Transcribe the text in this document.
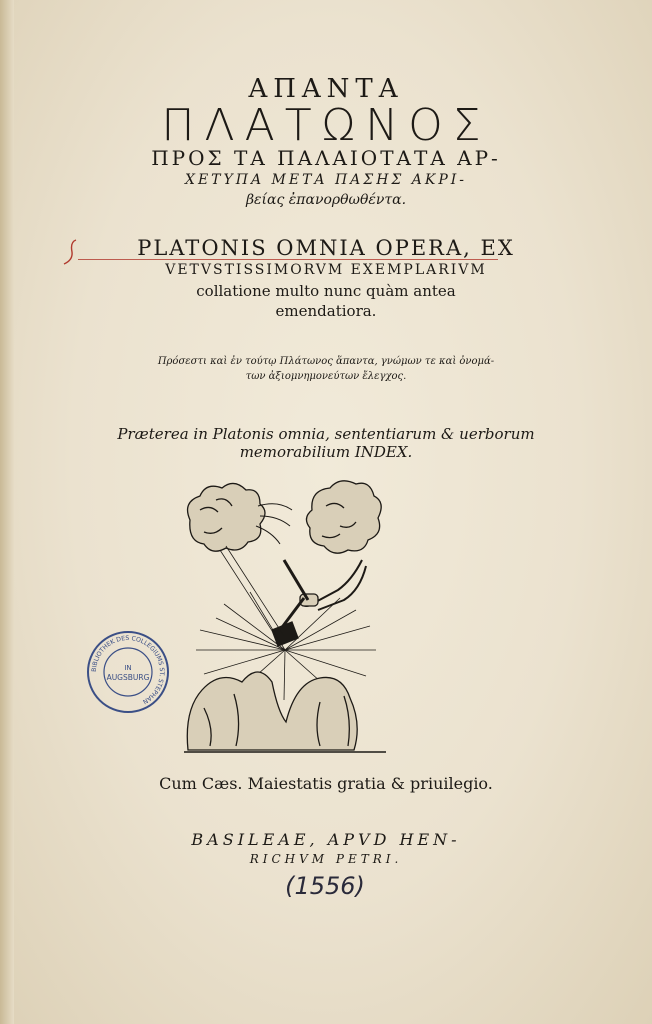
ΑΠΑΝΤΑ
ΠΛΑΤΩΝΟΣ
ΠΡΟΣ ΤΑ ΠΑΛΑΙΟΤΑΤΑ ΑΡ-
ΧΕΤΥΠΑ ΜΕΤΑ ΠΑΣΗΣ ΑΚΡΙ-
βείας ἐπανορθωθέντα.
PLATONIS OMNIA OPERA, EX
VETVSTISSIMORVM EXEMPLARIVM
collatione multo nunc quàm antea
emendatiora.
Πρόσεστι καὶ ἐν τούτῳ Πλάτωνος ἅπαντα, γνώμων τε καὶ ὀνομά-
των ἀξιομνημονεύτων ἔλεγχος.
Præterea in Platonis omnia, sententiarum & uerborum
memorabilium INDEX.
BIBLIOTHEK DES COLLEGIUMS ST. STEPHAN
IN
AUGSBURG
Cum Cæs. Maiestatis gratia & priuilegio.
BASILEAE, APVD HEN-
RICHVM PETRI.
(1556)
